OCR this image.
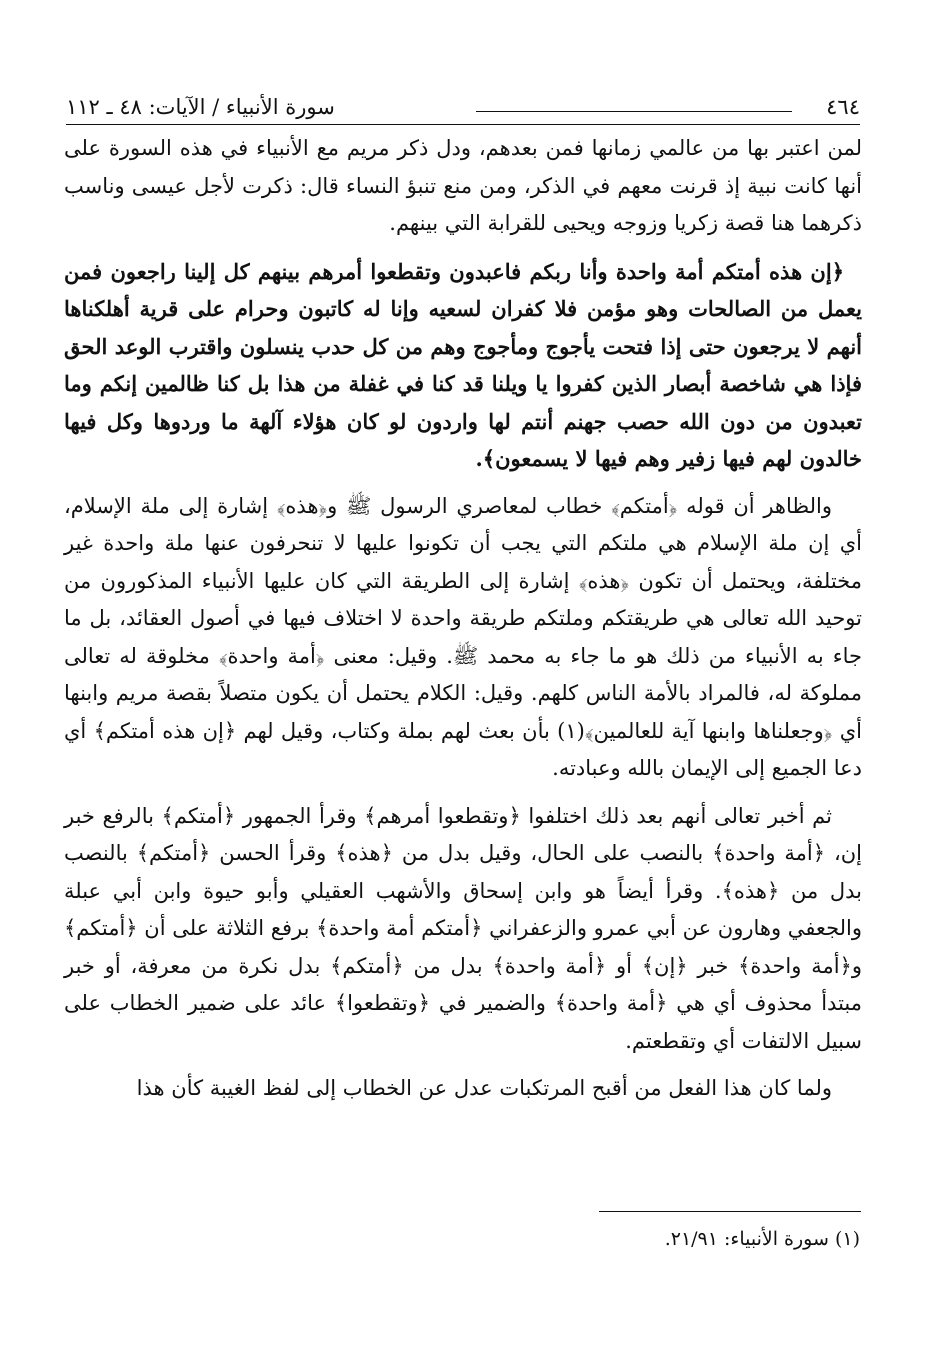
٤٦٤
سورة الأنبياء / الآيات: ٤٨ ـ ١١٢

لمن اعتبر بها من عالمي زمانها فمن بعدهم، ودل ذكر مريم مع الأنبياء في هذه السورة على أنها كانت نبية إذ قرنت معهم في الذكر، ومن منع تنبؤ النساء قال: ذكرت لأجل عيسى وناسب ذكرهما هنا قصة زكريا وزوجه ويحيى للقرابة التي بينهم.

﴿إن هذه أمتكم أمة واحدة وأنا ربكم فاعبدون وتقطعوا أمرهم بينهم كل إلينا راجعون فمن يعمل من الصالحات وهو مؤمن فلا كفران لسعيه وإنا له كاتبون وحرام على قرية أهلكناها أنهم لا يرجعون حتى إذا فتحت يأجوج ومأجوج وهم من كل حدب ينسلون واقترب الوعد الحق فإذا هي شاخصة أبصار الذين كفروا يا ويلنا قد كنا في غفلة من هذا بل كنا ظالمين إنكم وما تعبدون من دون الله حصب جهنم أنتم لها واردون لو كان هؤلاء آلهة ما وردوها وكل فيها خالدون لهم فيها زفير وهم فيها لا يسمعون﴾.

والظاهر أن قوله ﴿أمتكم﴾ خطاب لمعاصري الرسول ﷺ و﴿هذه﴾ إشارة إلى ملة الإسلام، أي إن ملة الإسلام هي ملتكم التي يجب أن تكونوا عليها لا تنحرفون عنها ملة واحدة غير مختلفة، ويحتمل أن تكون ﴿هذه﴾ إشارة إلى الطريقة التي كان عليها الأنبياء المذكورون من توحيد الله تعالى هي طريقتكم وملتكم طريقة واحدة لا اختلاف فيها في أصول العقائد، بل ما جاء به الأنبياء من ذلك هو ما جاء به محمد ﷺ. وقيل: معنى ﴿أمة واحدة﴾ مخلوقة له تعالى مملوكة له، فالمراد بالأمة الناس كلهم. وقيل: الكلام يحتمل أن يكون متصلاً بقصة مريم وابنها أي ﴿وجعلناها وابنها آية للعالمين﴾(١) بأن بعث لهم بملة وكتاب، وقيل لهم ﴿إن هذه أمتكم﴾ أي دعا الجميع إلى الإيمان بالله وعبادته.

ثم أخبر تعالى أنهم بعد ذلك اختلفوا ﴿وتقطعوا أمرهم﴾ وقرأ الجمهور ﴿أمتكم﴾ بالرفع خبر إن، ﴿أمة واحدة﴾ بالنصب على الحال، وقيل بدل من ﴿هذه﴾ وقرأ الحسن ﴿أمتكم﴾ بالنصب بدل من ﴿هذه﴾. وقرأ أيضاً هو وابن إسحاق والأشهب العقيلي وأبو حيوة وابن أبي عبلة والجعفي وهارون عن أبي عمرو والزعفراني ﴿أمتكم أمة واحدة﴾ برفع الثلاثة على أن ﴿أمتكم﴾ و﴿أمة واحدة﴾ خبر ﴿إن﴾ أو ﴿أمة واحدة﴾ بدل من ﴿أمتكم﴾ بدل نكرة من معرفة، أو خبر مبتدأ محذوف أي هي ﴿أمة واحدة﴾ والضمير في ﴿وتقطعوا﴾ عائد على ضمير الخطاب على سبيل الالتفات أي وتقطعتم.

ولما كان هذا الفعل من أقبح المرتكبات عدل عن الخطاب إلى لفظ الغيبة كأن هذا

(١) سورة الأنبياء: ٢١/٩١.
